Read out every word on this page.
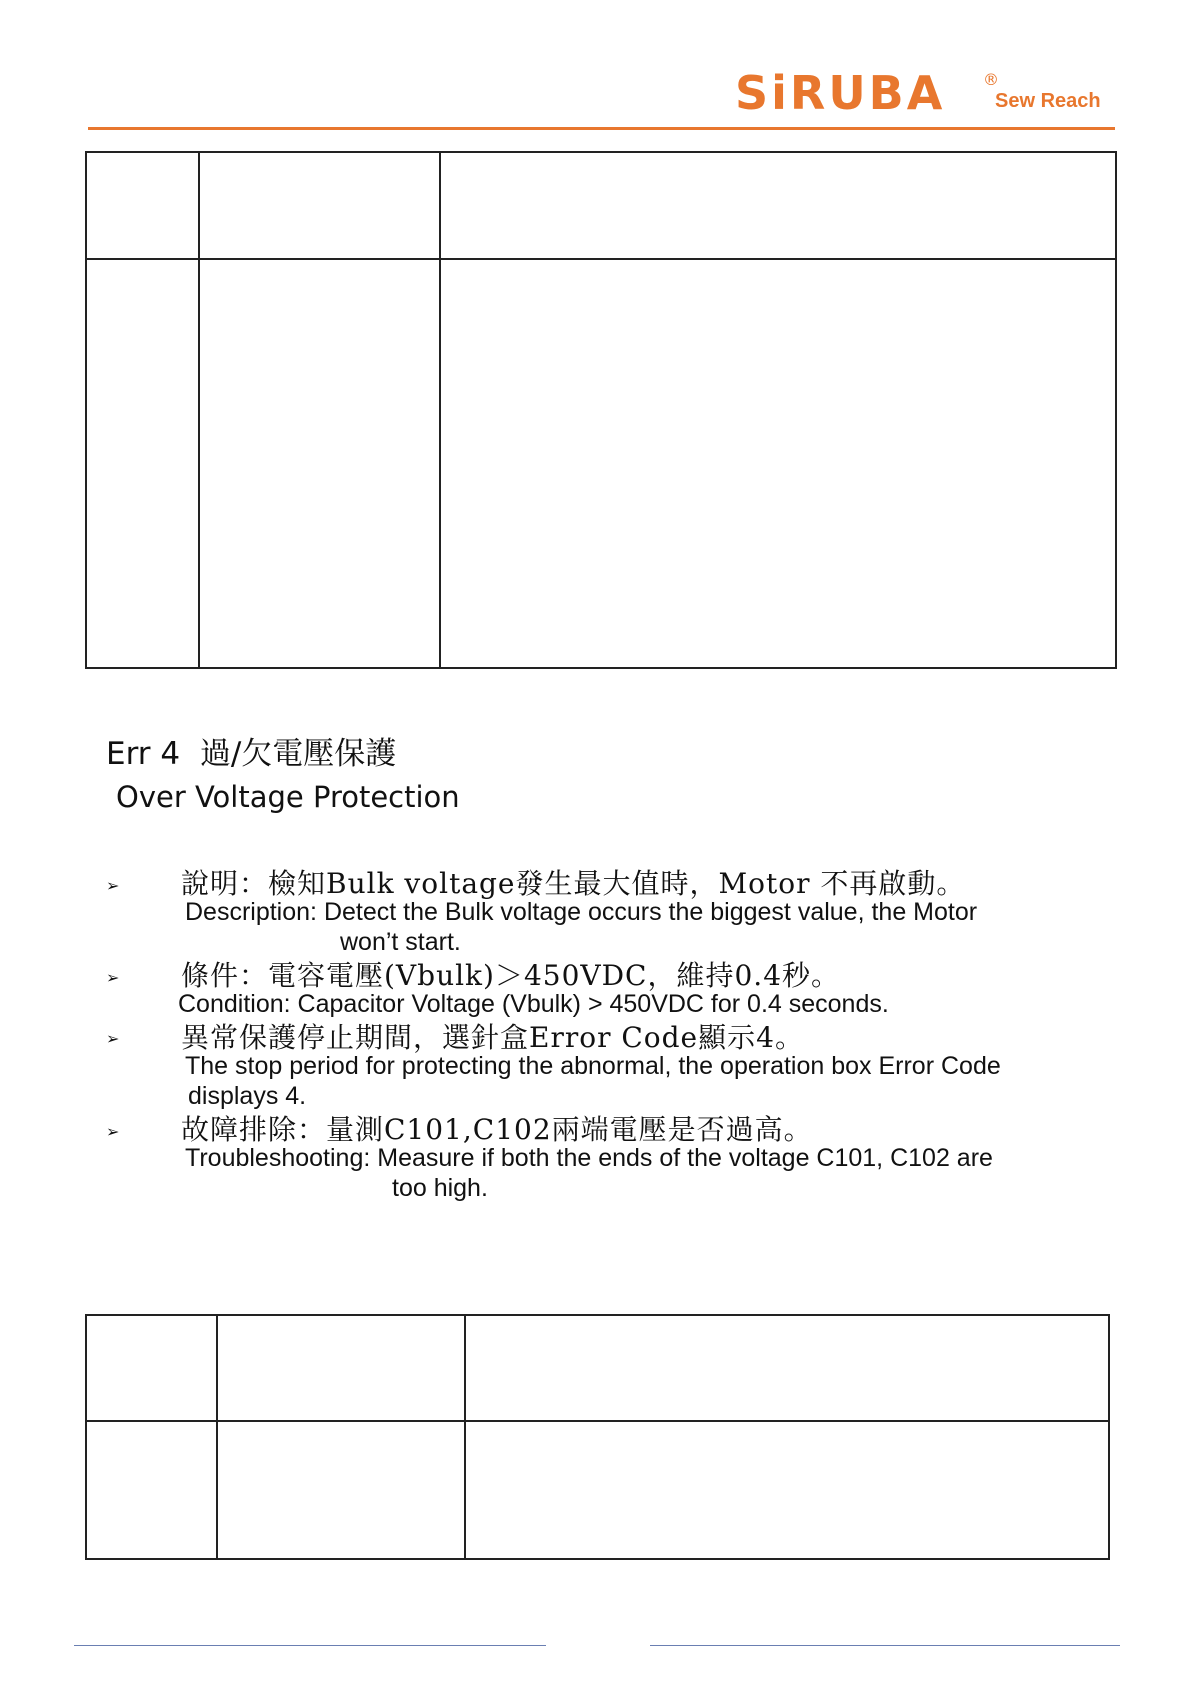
SiRUBA ®
Sew Reach

Err 4 過/欠電壓保護
Over Voltage Protection
➢ 說明：檢知Bulk voltage發生最大值時，Motor 不再啟動。
Description: Detect the Bulk voltage occurs the biggest value, the Motor
won’t start.
➢ 條件：電容電壓(Vbulk)＞450VDC，維持0.4秒。
Condition: Capacitor Voltage (Vbulk) > 450VDC for 0.4 seconds.
➢ 異常保護停止期間，選針盒Error Code顯示4。
The stop period for protecting the abnormal, the operation box Error Code
displays 4.
➢ 故障排除：量測C101,C102兩端電壓是否過高。
Troubleshooting: Measure if both the ends of the voltage C101, C102 are
too high.
